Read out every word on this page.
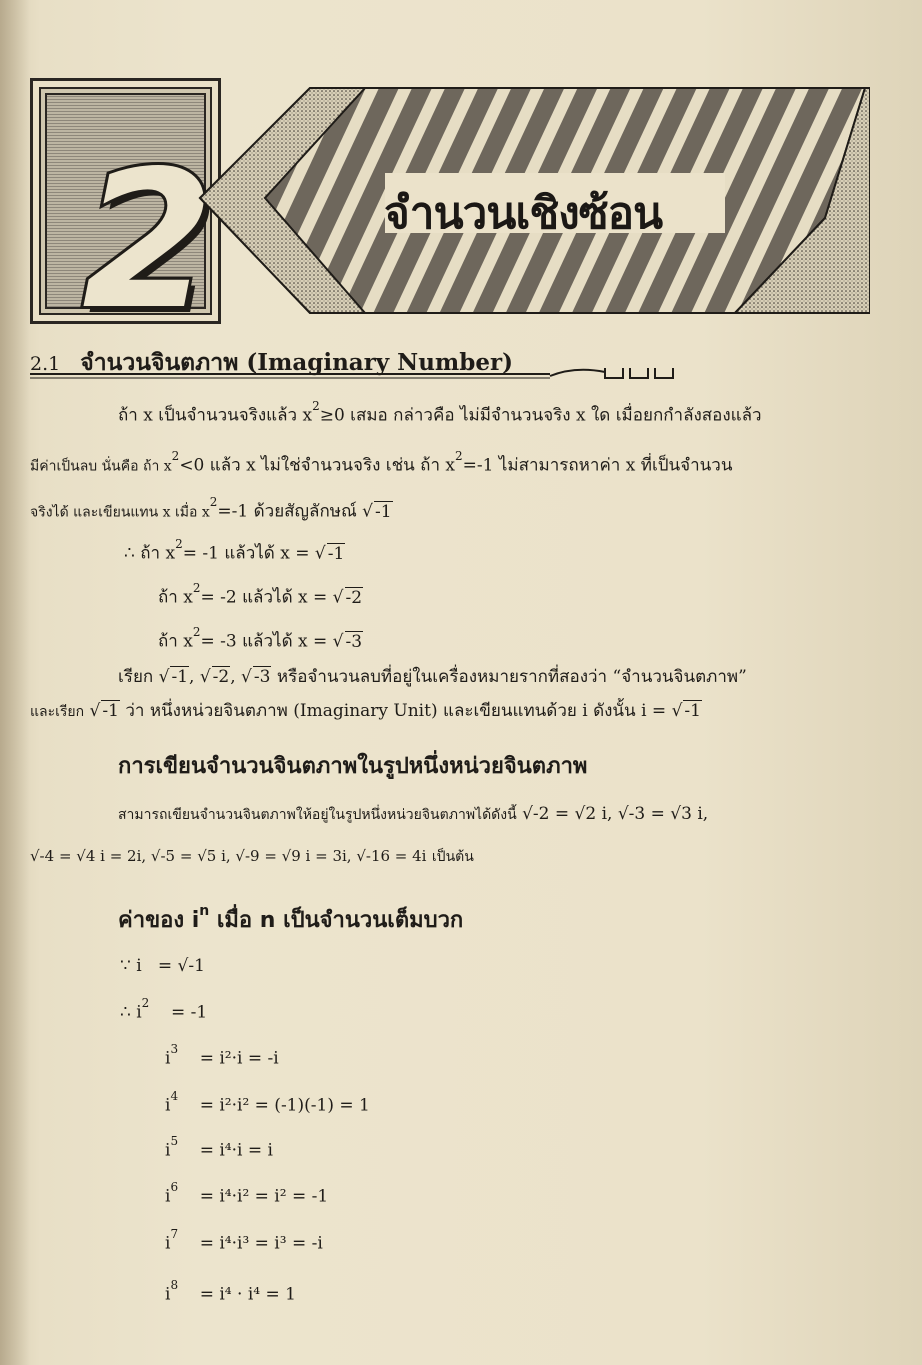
2	จำนวนเชิงซ้อน
2.1 จำนวนจินตภาพ (Imaginary Number)
ถ้า x เป็นจำนวนจริงแล้ว $x^2\ge 0$ เสมอ กล่าวคือ ไม่มีจำนวนจริง x ใด เมื่อยกกำลังสองแล้ว
มีค่าเป็นลบ นั่นคือ ถ้า $x^2<0$ แล้ว x ไม่ใช่จำนวนจริง เช่น ถ้า $x^2=-1$ ไม่สามารถหาค่า x ที่เป็นจำนวน
จริงได้ และเขียนแทน x เมื่อ $x^2=-1$ ด้วยสัญลักษณ์ √ -1
∴ ถ้า $x^2= -1$ แล้วได้ x = √ -1
ถ้า $x^2= -2$ แล้วได้ x = √ -2
ถ้า $x^2= -3$ แล้วได้ x = √ -3
เรียก √ -1, √ -2, √ -3 หรือจำนวนลบที่อยู่ในเครื่องหมายรากที่สองว่า “จำนวนจินตภาพ”
และเรียก √ -1 ว่า หนึ่งหน่วยจินตภาพ (Imaginary Unit) และเขียนแทนด้วย i ดังนั้น i = √ -1
การเขียนจำนวนจินตภาพในรูปหนึ่งหน่วยจินตภาพ
สามารถเขียนจำนวนจินตภาพให้อยู่ในรูปหนึ่งหน่วยจินตภาพได้ดังนี้ √-2 = √2 i, √-3 = √3 i,
√-4 = √4 i = 2i, √-5 = √5 i, √-9 = √9 i = 3i, √-16 = 4i เป็นต้น
ค่าของ $i^n$ เมื่อ n เป็นจำนวนเต็มบวก
∵ i = √-1
∴ $i^2 = -1$
$i^3 = i^2\cdot i = -i$
$i^4 = i^2\cdot i^2 = (-1)(-1) = 1$
$i^5 = i^4\cdot i = i$
$i^6 = i^4\cdot i^2 = i^2 = -1$
$i^7 = i^4\cdot i^3 = i^3 = -i$
$i^8 = i^4 \cdot i^4 = 1$
